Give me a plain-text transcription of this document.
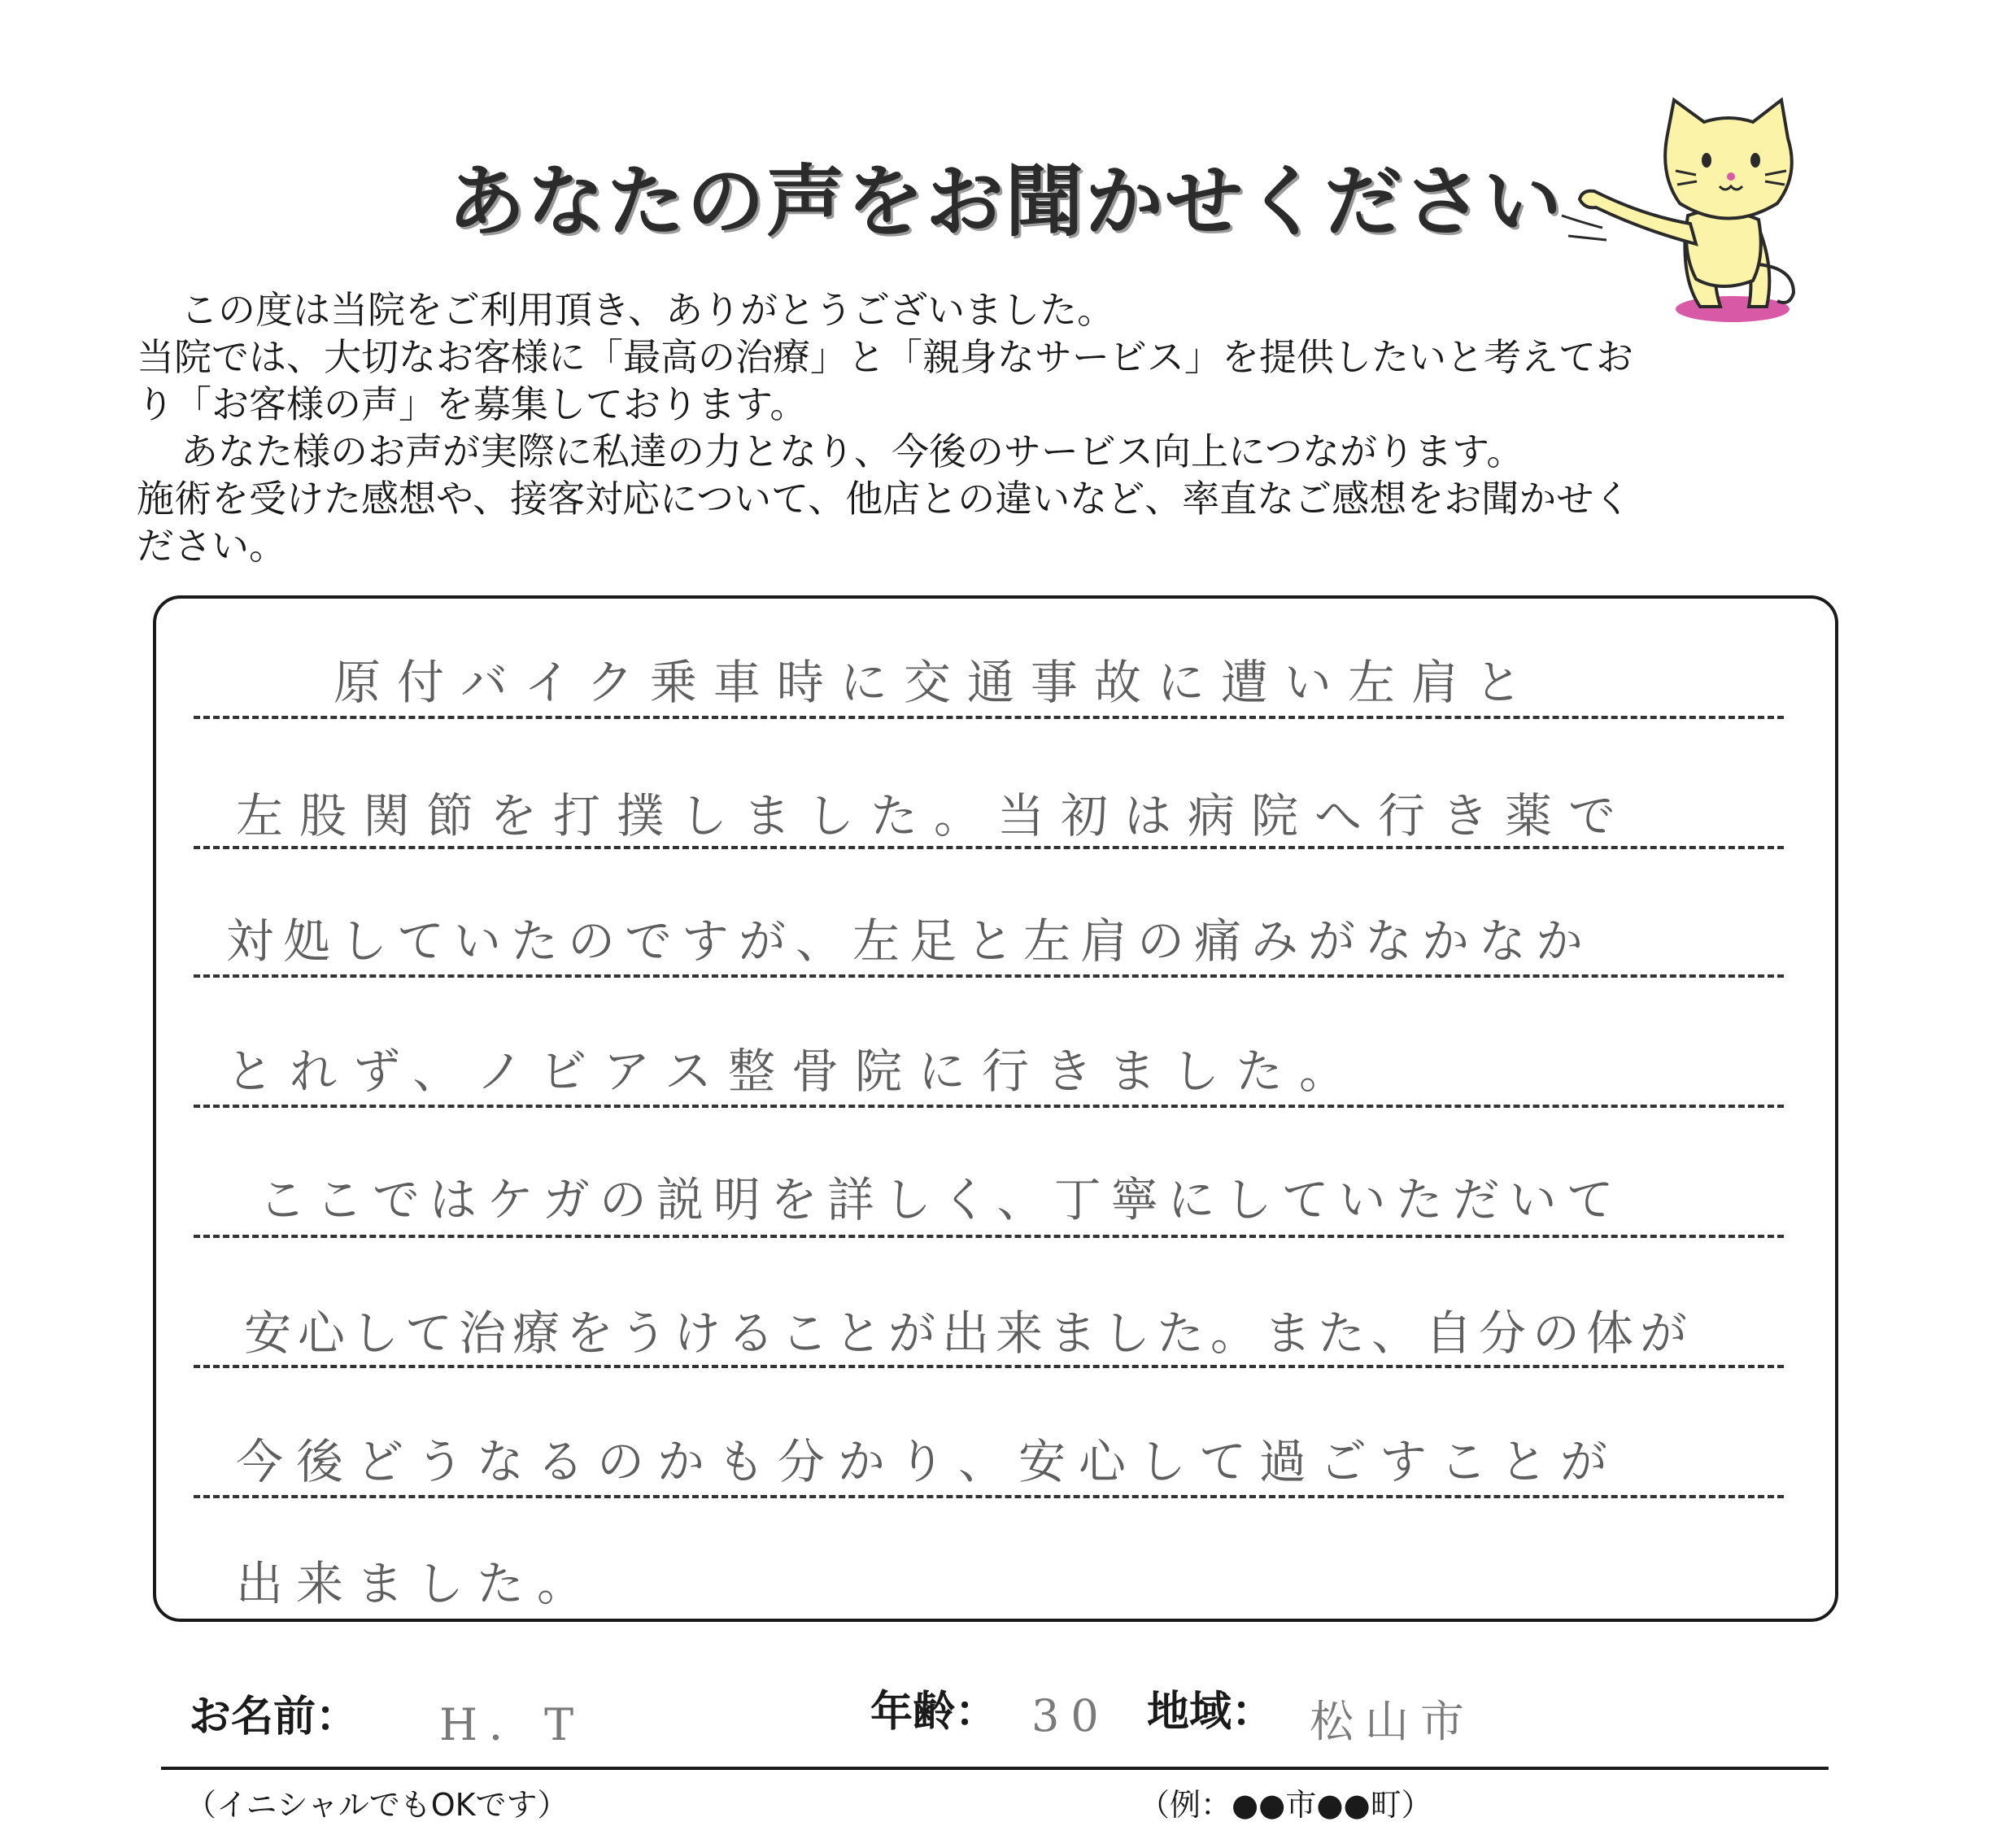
あなたの声をお聞かせください

この度は当院をご利用頂き、ありがとうございました。

当院では、大切なお客様に「最高の治療」と「親身なサービス」を提供したいと考えてお

り「お客様の声」を募集しております。

あなた様のお声が実際に私達の力となり、今後のサービス向上につながります。

施術を受けた感想や、接客対応について、他店との違いなど、率直なご感想をお聞かせく

ださい。

原付バイク乗車時に交通事故に遭い左肩と
左股関節を打撲しました。当初は病院へ行き薬で
対処していたのですが、左足と左肩の痛みがなかなか
とれず、ノビアス整骨院に行きました。
ここではケガの説明を詳しく、丁寧にしていただいて
安心して治療をうけることが出来ました。また、自分の体が
今後どうなるのかも分かり、安心して過ごすことが
出来ました。
お名前： H．T	年齢： 30 地域： 松山市
（イニシャルでもOKです）	（例：●●市●●町）
